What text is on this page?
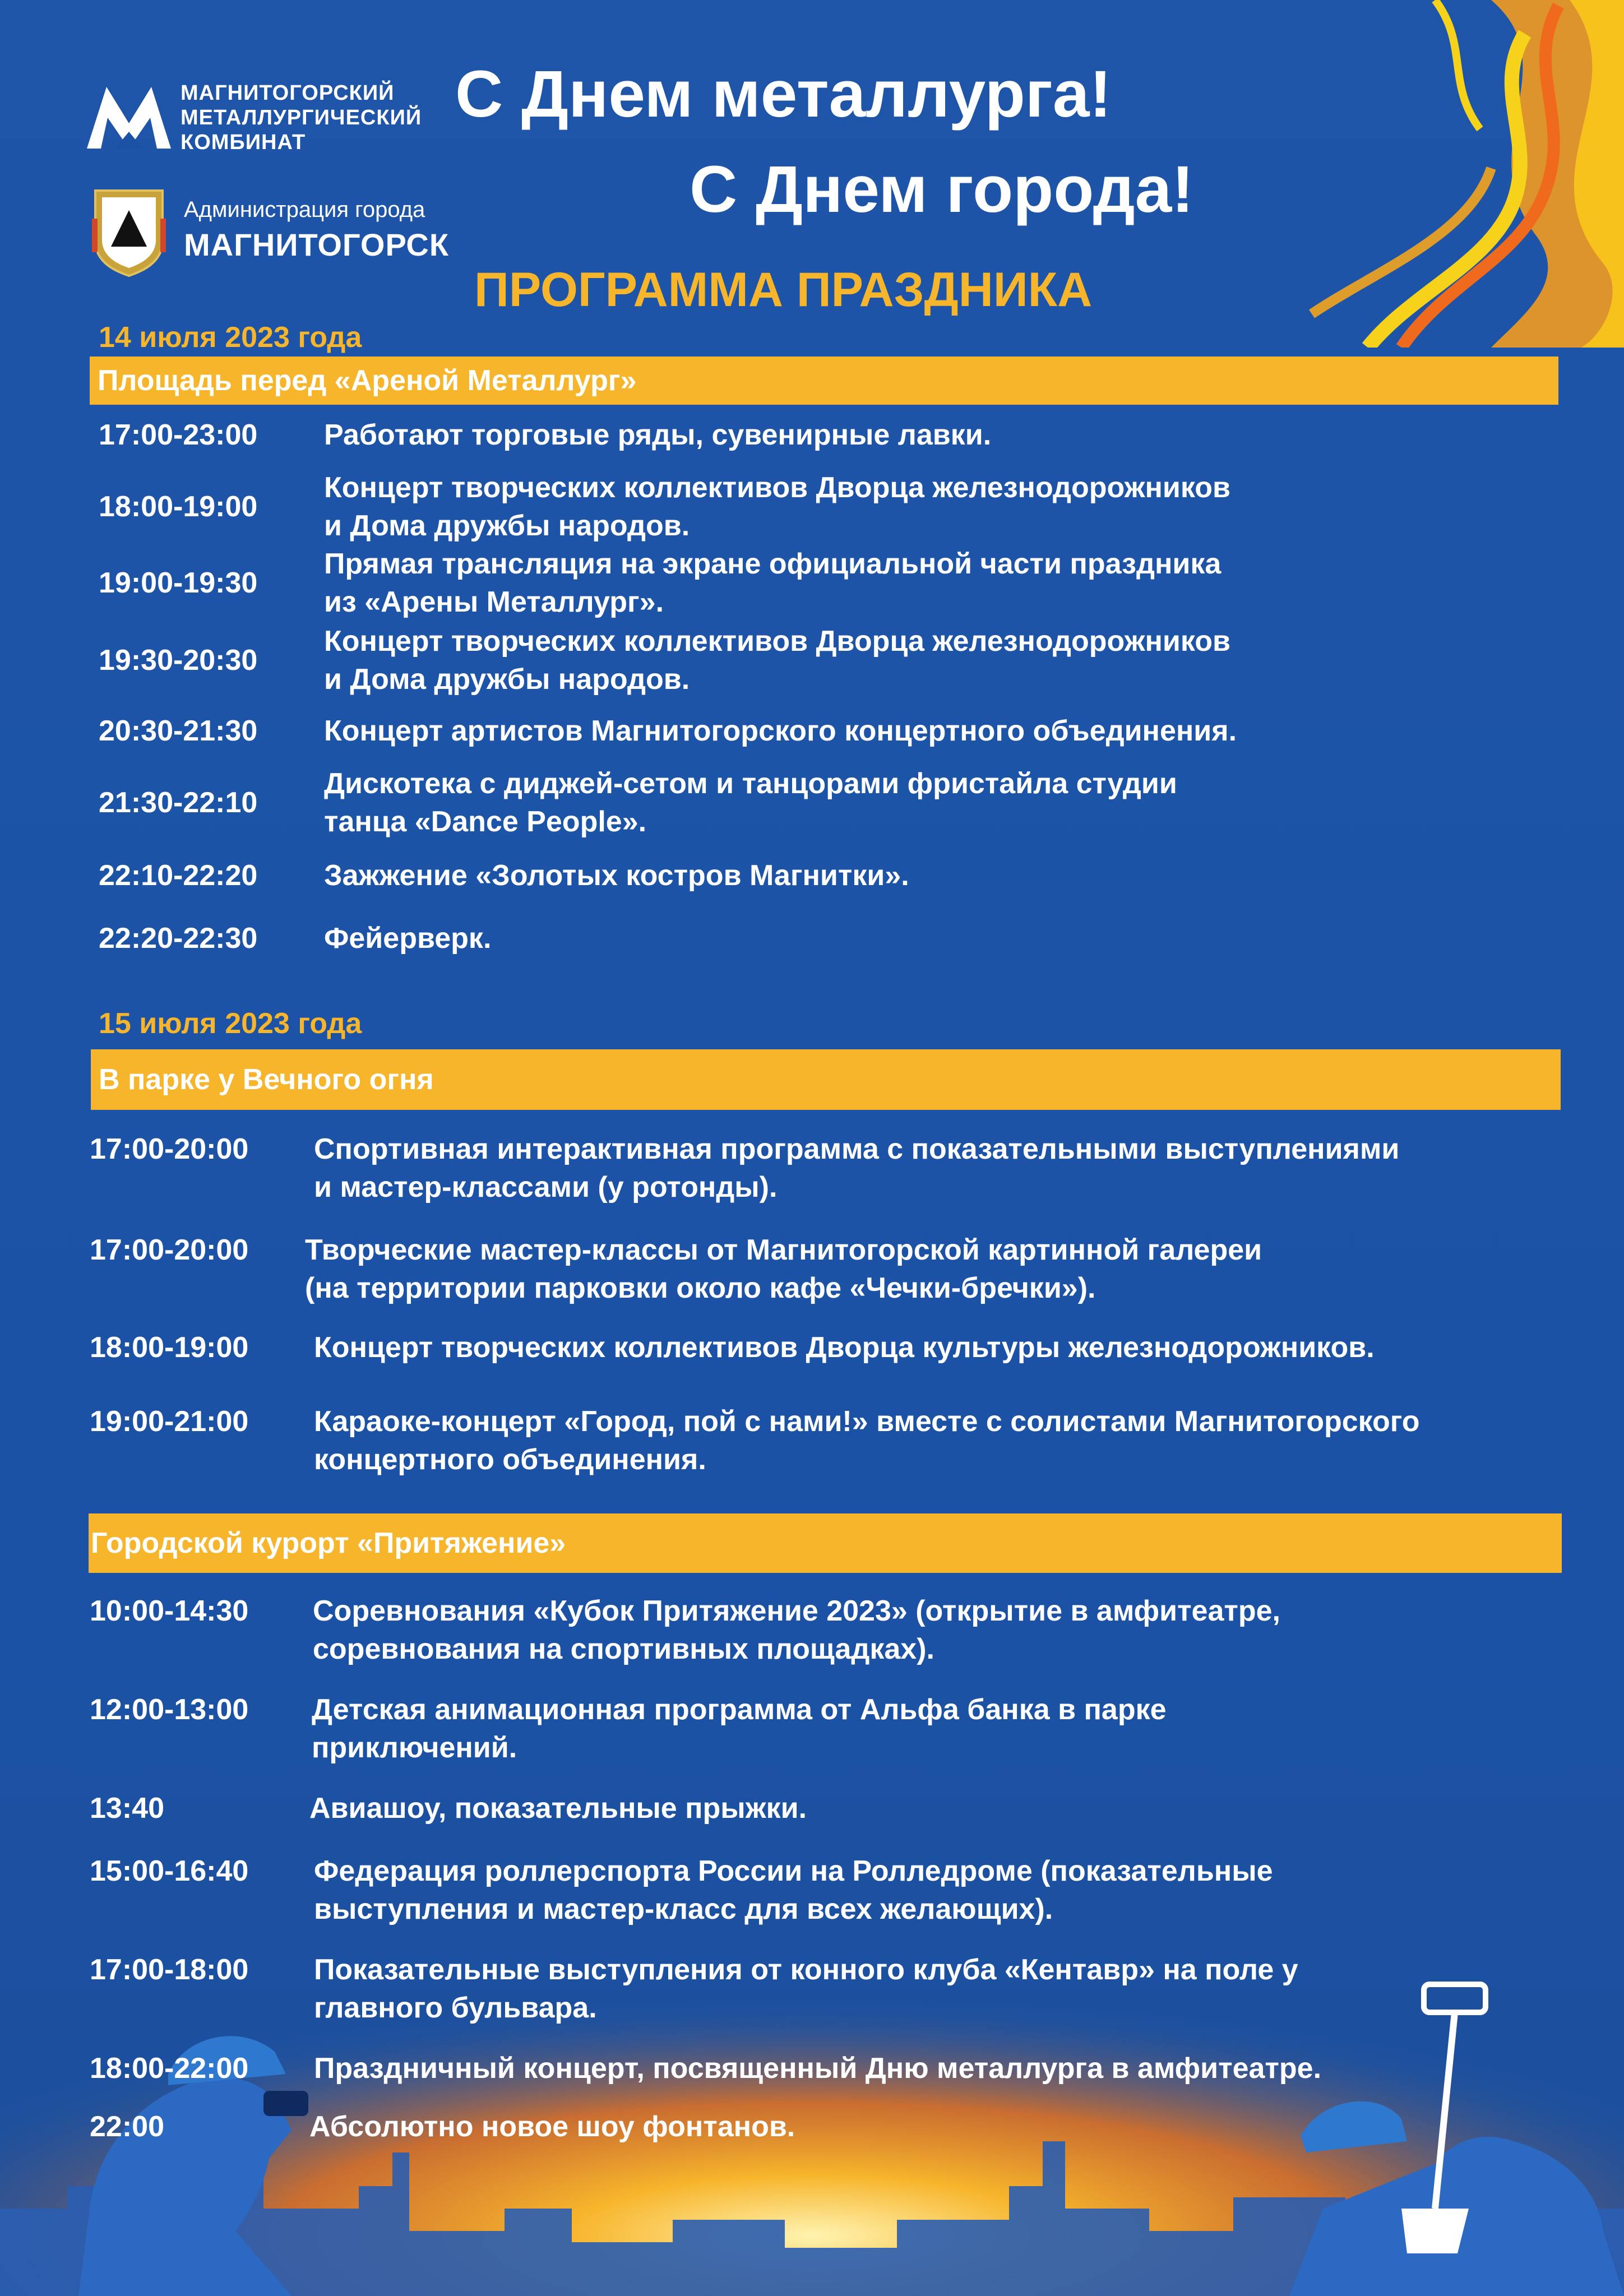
МАГНИТОГОРСКИЙ
МЕТАЛЛУРГИЧЕСКИЙ
КОМБИНАТ
Администрация города
МАГНИТОГОРСК
С Днем металлурга!
С Днем города!
ПРОГРАММА ПРАЗДНИКА
14 июля 2023 года
Площадь перед «Ареной Металлург»
17:00-23:00 Работают торговые ряды, сувенирные лавки.
18:00-19:00
Концерт творческих коллективов Дворца железнодорожников
и Дома дружбы народов.
19:00-19:30
Прямая трансляция на экране официальной части праздника
из «Арены Металлург».
19:30-20:30
Концерт творческих коллективов Дворца железнодорожников
и Дома дружбы народов.
20:30-21:30 Концерт артистов Магнитогорского концертного объединения.
21:30-22:10
Дискотека с диджей-сетом и танцорами фристайла студии
танца «Dance People».
22:10-22:20 Зажжение «Золотых костров Магнитки».
22:20-22:30 Фейерверк.
15 июля 2023 года
В парке у Вечного огня
17:00-20:00 Спортивная интерактивная программа с показательными выступлениями
и мастер-классами (у ротонды).
17:00-20:00 Творческие мастер-классы от Магнитогорской картинной галереи
(на территории парковки около кафе «Чечки-бречки»).
18:00-19:00 Концерт творческих коллективов Дворца культуры железнодорожников.
19:00-21:00 Караоке-концерт «Город, пой с нами!» вместе с солистами Магнитогорского
концертного объединения.
Городской курорт «Притяжение»
10:00-14:30 Соревнования «Кубок Притяжение 2023» (открытие в амфитеатре,
соревнования на спортивных площадках).
12:00-13:00 Детская анимационная программа от Альфа банка в парке
приключений.
13:40	Авиашоу, показательные прыжки.
15:00-16:40 Федерация роллерспорта России на Ролледроме (показательные
17:00-18:00 Показательные выступления от конного клуба «Кентавр» на поле у
главного бульвара.
18:00-22:00 Праздничный концерт, посвященный Дню металлурга в амфитеатре.
22:00	Абсолютно новое шоу фонтанов.
